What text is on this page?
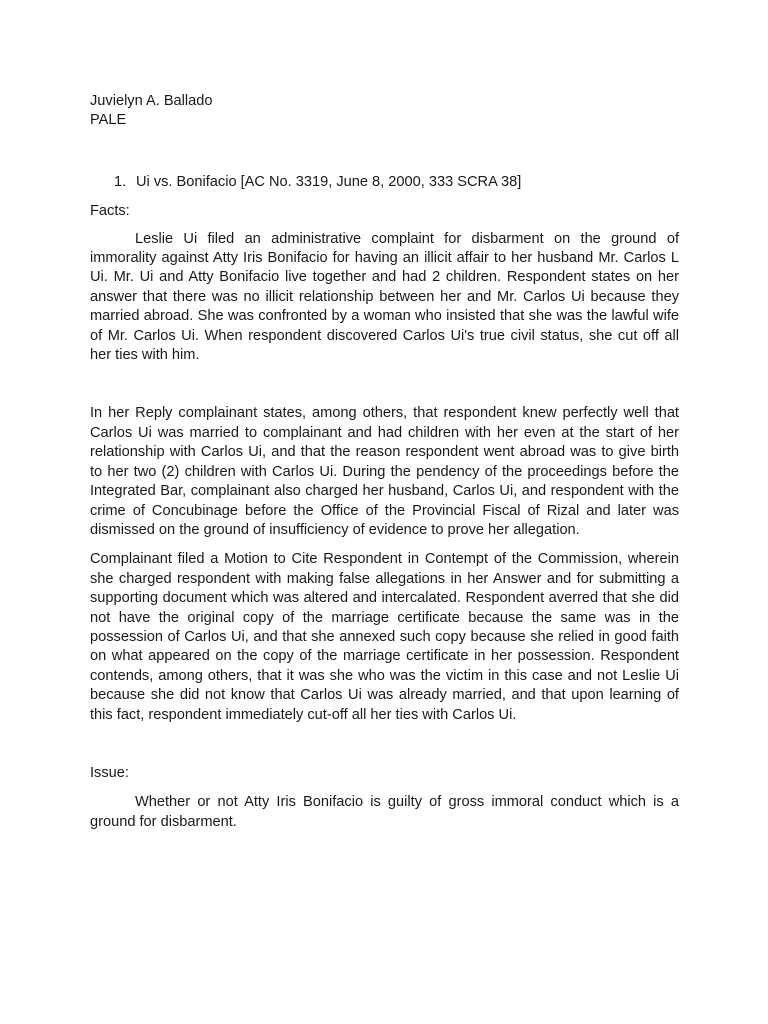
Juvielyn A. Ballado
PALE
1. Ui vs. Bonifacio [AC No. 3319, June 8, 2000, 333 SCRA 38]
Facts:

Leslie Ui filed an administrative complaint for disbarment on the ground of immorality against Atty Iris Bonifacio for having an illicit affair to her husband Mr. Carlos L Ui. Mr. Ui and Atty Bonifacio live together and had 2 children. Respondent states on her answer that there was no illicit relationship between her and Mr. Carlos Ui because they married abroad. She was confronted by a woman who insisted that she was the lawful wife of Mr. Carlos Ui. When respondent discovered Carlos Ui's true civil status, she cut off all her ties with him.

In her Reply complainant states, among others, that respondent knew perfectly well that Carlos Ui was married to complainant and had children with her even at the start of her relationship with Carlos Ui, and that the reason respondent went abroad was to give birth to her two (2) children with Carlos Ui. During the pendency of the proceedings before the Integrated Bar, complainant also charged her husband, Carlos Ui, and respondent with the crime of Concubinage before the Office of the Provincial Fiscal of Rizal and later was dismissed on the ground of insufficiency of evidence to prove her allegation.

Complainant filed a Motion to Cite Respondent in Contempt of the Commission, wherein she charged respondent with making false allegations in her Answer and for submitting a supporting document which was altered and intercalated. Respondent averred that she did not have the original copy of the marriage certificate because the same was in the possession of Carlos Ui, and that she annexed such copy because she relied in good faith on what appeared on the copy of the marriage certificate in her possession. Respondent contends, among others, that it was she who was the victim in this case and not Leslie Ui because she did not know that Carlos Ui was already married, and that upon learning of this fact, respondent immediately cut-off all her ties with Carlos Ui.

Issue:

Whether or not Atty Iris Bonifacio is guilty of gross immoral conduct which is a ground for disbarment.
